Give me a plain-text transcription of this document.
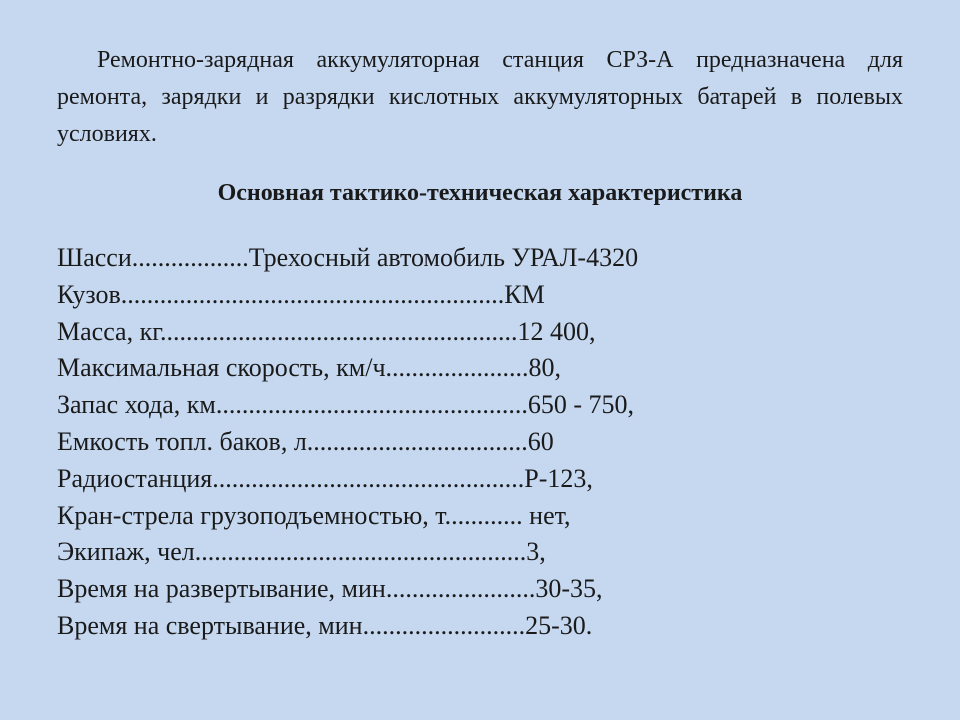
Ремонтно-зарядная аккумуляторная станция СРЗ-А предназначена для ремонта, зарядки и разрядки кислотных аккумуляторных батарей в полевых условиях.

Основная тактико-техническая характеристика
Шасси..................Трехосный автомобиль УРАЛ-4320
Кузов...........................................................КМ
Масса, кг.......................................................12 400,
Максимальная скорость, км/ч......................80,
Запас хода, км................................................650 - 750,
Емкость топл. баков, л..................................60
Радиостанция................................................Р-123,
Кран-стрела грузоподъемностью, т............ нет,
Экипаж, чел...................................................3,
Время на развертывание, мин.......................30-35,
Время на свертывание, мин.........................25-30.
